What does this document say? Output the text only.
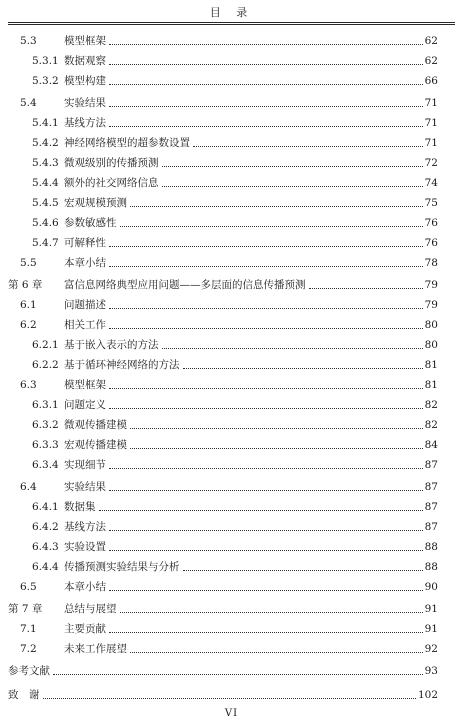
目 录
5.3	模型框架	62
5.3.1 数据观察	62
5.3.2 模型构建	66
5.4	实验结果	71
5.4.1 基线方法	71
5.4.2 神经网络模型的超参数设置	71
5.4.3 微观级别的传播预测	72
5.4.4 额外的社交网络信息	74
5.4.5 宏观规模预测	75
5.4.6 参数敏感性	76
5.4.7 可解释性	76
5.5	本章小结	78
第 6 章	富信息网络典型应用问题——多层面的信息传播预测	79
6.1	问题描述	79
6.2	相关工作	80
6.2.1 基于嵌入表示的方法	80
6.2.2 基于循环神经网络的方法	81
6.3	模型框架	81
6.3.1 问题定义	82
6.3.2 微观传播建模	82
6.3.3 宏观传播建模	84
6.3.4 实现细节	87
6.4	实验结果	87
6.4.1 数据集	87
6.4.2 基线方法	87
6.4.3 实验设置	88
6.4.4 传播预测实验结果与分析	88
6.5	本章小结	90
第 7 章	总结与展望	91
7.1	主要贡献	91
7.2	未来工作展望	92
参考文献	93
致　谢	102
VI
